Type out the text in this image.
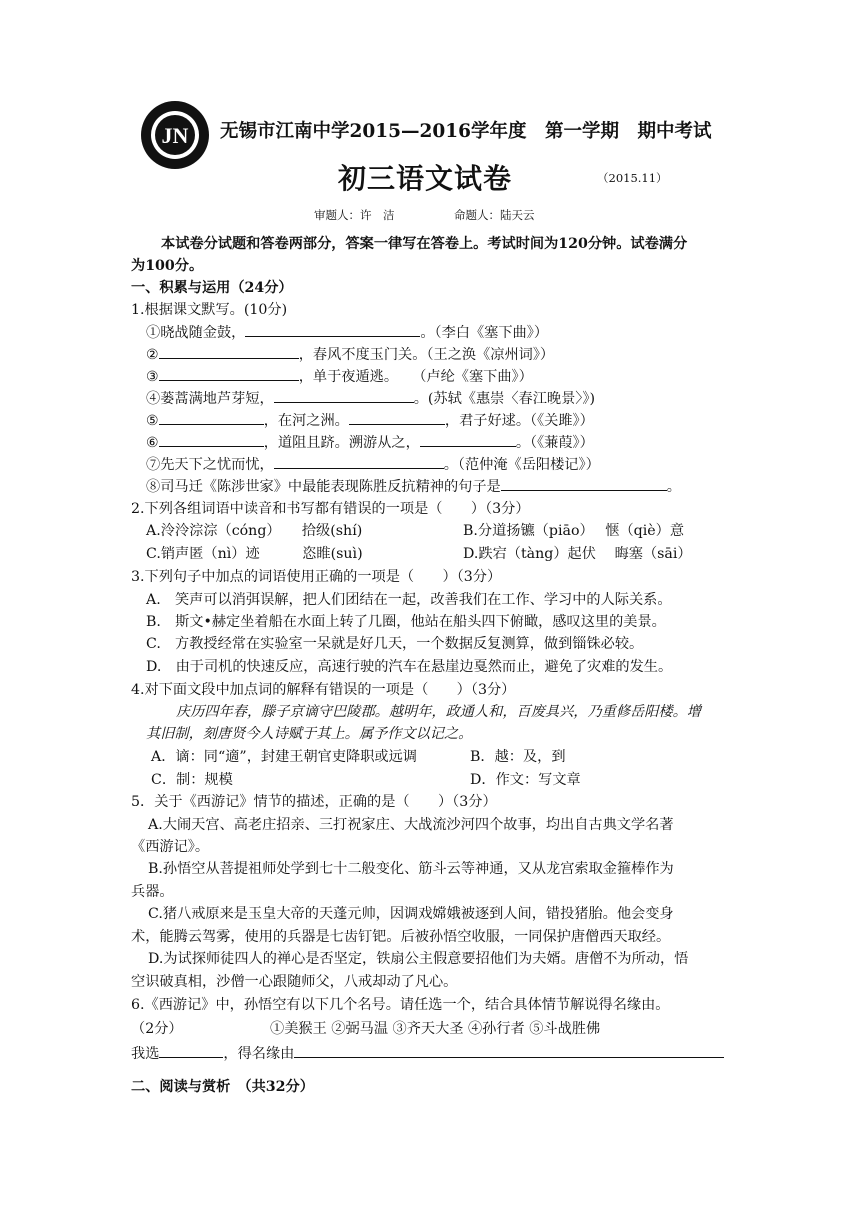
JN 无锡市江南中学2015—2016学年度　第一学期　期中考试
初三语文试卷	（2015.11）
审题人：许　洁	命题人：陆天云
本试卷分试题和答卷两部分，答案一律写在答卷上。考试时间为120分钟。试卷满分
为100分。
一、积累与运用（24分）
1.根据课文默写。(10分)
①晓战随金鼓，	。（李白《塞下曲》）
②	，春风不度玉门关。（王之涣《凉州词》）
③	，单于夜遁逃。　　（卢纶《塞下曲》）
④蒌蒿满地芦芽短，	。(苏轼《惠崇〈春江晚景〉》)
⑤	，在河之洲。	，君子好逑。（《关雎》）
⑥	，道阻且跻。溯游从之，	。（《蒹葭》）
⑦先天下之忧而忧，	。（范仲淹《岳阳楼记》）
⑧司马迁《陈涉世家》中最能表现陈胜反抗精神的句子是	。
2.下列各组词语中读音和书写都有错误的一项是（　　）（3分）
A.泠泠淙淙（cóng）　　拾级(shí)	B.分道扬镳（piāo）　 惬（qiè）意
C.销声匿（nì）迹　　　恣睢(suì)	D.跌宕（tàng）起伏　 晦塞（sāi）
3.下列句子中加点的词语使用正确的一项是（　　）（3分）
A.　笑声可以消弭误解，把人们团结在一起，改善我们在工作、学习中的人际关系。
B.　斯文•赫定坐着船在水面上转了几圈，他站在船头四下俯瞰，感叹这里的美景。
C.　方教授经常在实验室一呆就是好几天，一个数据反复测算，做到锱铢必较。
D.　由于司机的快速反应，高速行驶的汽车在悬崖边戛然而止，避免了灾难的发生。
4.对下面文段中加点词的解释有错误的一项是（　　）（3分）
庆历四年春，滕子京谪守巴陵郡。越明年，政通人和，百废具兴，乃重修岳阳楼。增
其旧制，刻唐贤今人诗赋于其上。属予作文以记之。
A．谪：同“適”，封建王朝官吏降职或远调	B．越：及，到
C．制：规模	D．作文：写文章
5．关于《西游记》情节的描述，正确的是（　　）（3分）
A.大闹天宫、高老庄招亲、三打祝家庄、大战流沙河四个故事，均出自古典文学名著
《西游记》。
B.孙悟空从菩提祖师处学到七十二般变化、筋斗云等神通，又从龙宫索取金箍棒作为
兵器。
C.猪八戒原来是玉皇大帝的天蓬元帅，因调戏嫦娥被逐到人间，错投猪胎。他会变身
术，能腾云驾雾，使用的兵器是七齿钉钯。后被孙悟空收服，一同保护唐僧西天取经。
D.为试探师徒四人的禅心是否坚定，铁扇公主假意要招他们为夫婿。唐僧不为所动，悟
空识破真相，沙僧一心跟随师父，八戒却动了凡心。
6.《西游记》中，孙悟空有以下几个名号。请任选一个，结合具体情节解说得名缘由。
（2分）	①美猴王 ②弼马温 ③齐天大圣 ④孙行者 ⑤斗战胜佛
我选	，得名缘由
二、阅读与赏析　（共32分）
